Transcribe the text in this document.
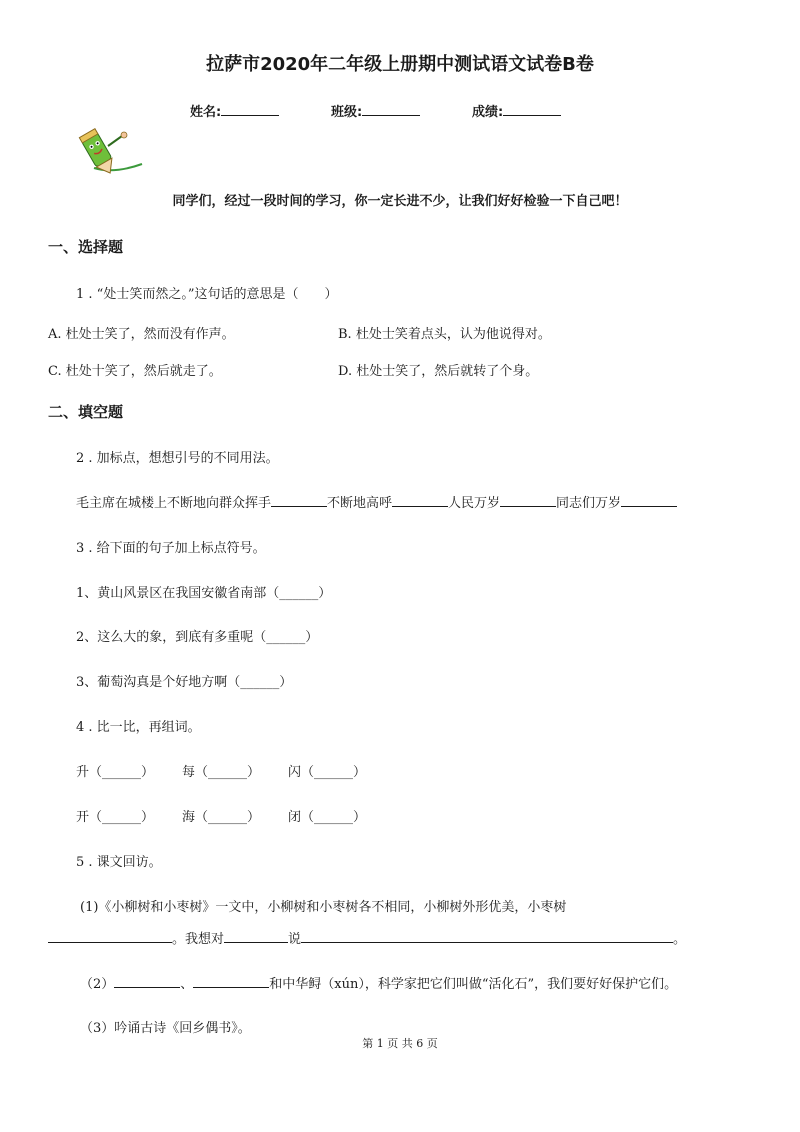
拉萨市2020年二年级上册期中测试语文试卷B卷
姓名:	班级:	成绩:
同学们，经过一段时间的学习，你一定长进不少，让我们好好检验一下自己吧！
一、选择题
1 . “处士笑而然之。”这句话的意思是（　　）
A. 杜处士笑了，然而没有作声。	B. 杜处士笑着点头，认为他说得对。
C. 杜处十笑了，然后就走了。	D. 杜处士笑了，然后就转了个身。
二、填空题
2 . 加标点，想想引号的不同用法。
毛主席在城楼上不断地向群众挥手	不断地高呼	人民万岁	同志们万岁
3 . 给下面的句子加上标点符号。
1、黄山风景区在我国安徽省南部（______）
2、这么大的象，到底有多重呢（______）
3、葡萄沟真是个好地方啊（______）
4 . 比一比，再组词。
升（______） 每（______） 闪（______）
开（______） 海（______） 闭（______）
5 . 课文回访。
(1)《小柳树和小枣树》一文中，小柳树和小枣树各不相同，小柳树外形优美，小枣树
。我想对	说	。
（2）	、	和中华鲟（xún），科学家把它们叫做“活化石”，我们要好好保护它们。
（3）吟诵古诗《回乡偶书》。
第 1 页 共 6 页
